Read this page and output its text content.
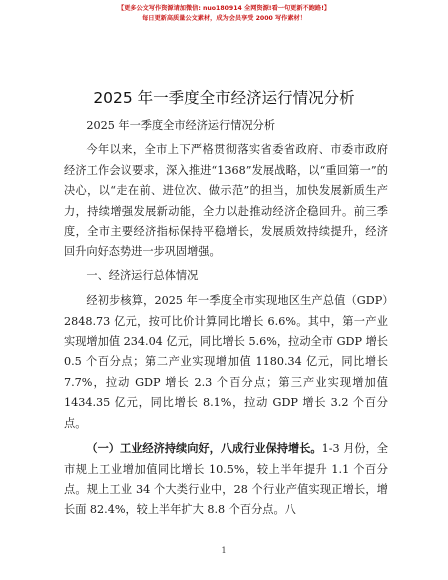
【更多公文写作资源请加微信: nuo180914 全网资源!看一句更新不跑路!】
每日更新高质量公文素材，成为会员享受 2000 写作素材！
2025 年一季度全市经济运行情况分析

2025 年一季度全市经济运行情况分析

今年以来，全市上下严格贯彻落实省委省政府、市委市政府经济工作会议要求，深入推进“1368”发展战略，以“重回第一”的决心，以“走在前、进位次、做示范”的担当，加快发展新质生产力，持续增强发展新动能，全力以赴推动经济企稳回升。前三季度，全市主要经济指标保持平稳增长，发展质效持续提升，经济回升向好态势进一步巩固增强。

一、经济运行总体情况

经初步核算，2025 年一季度全市实现地区生产总值（GDP）2848.73 亿元，按可比价计算同比增长 6.6%。其中，第一产业实现增加值 234.04 亿元，同比增长 5.6%，拉动全市 GDP 增长 0.5 个百分点；第二产业实现增加值 1180.34 亿元，同比增长 7.7%，拉动 GDP 增长 2.3 个百分点；第三产业实现增加值 1434.35 亿元，同比增长 8.1%，拉动 GDP 增长 3.2 个百分点。

（一）工业经济持续向好，八成行业保持增长。1-3 月份，全市规上工业增加值同比增长 10.5%，较上半年提升 1.1 个百分点。规上工业 34 个大类行业中，28 个行业产值实现正增长，增长面 82.4%，较上半年扩大 8.8 个百分点。八

1
